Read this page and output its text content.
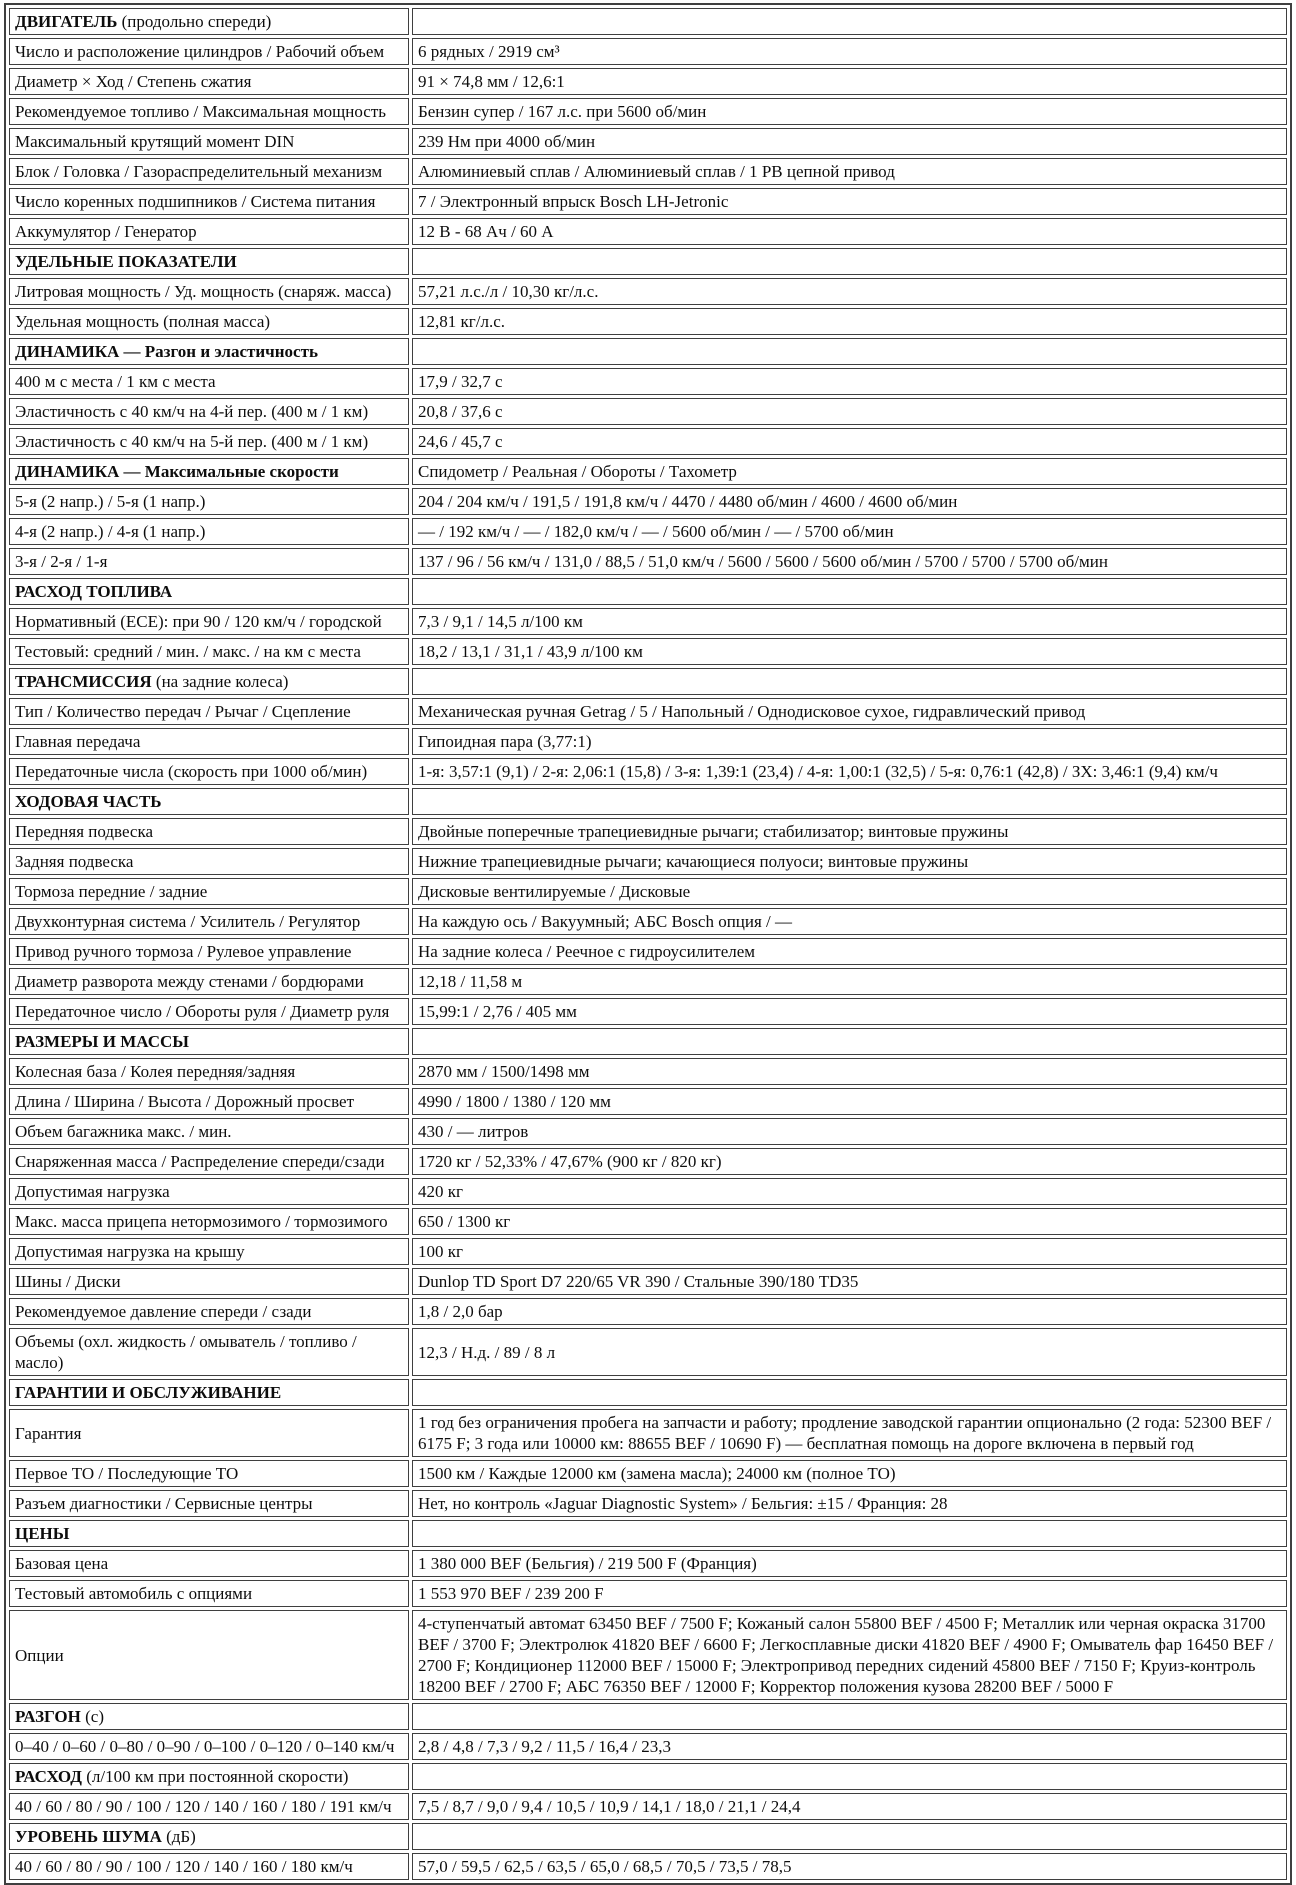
ДВИГАТЕЛЬ (продольно спереди)	
Число и расположение цилиндров / Рабочий объем	6 рядных / 2919 см³
Диаметр × Ход / Степень сжатия	91 × 74,8 мм / 12,6:1
Рекомендуемое топливо / Максимальная мощность	Бензин супер / 167 л.с. при 5600 об/мин
Максимальный крутящий момент DIN	239 Нм при 4000 об/мин
Блок / Головка / Газораспределительный механизм	Алюминиевый сплав / Алюминиевый сплав / 1 РВ цепной привод
Число коренных подшипников / Система питания	7 / Электронный впрыск Bosch LH-Jetronic
Аккумулятор / Генератор	12 В - 68 Ач / 60 А
УДЕЛЬНЫЕ ПОКАЗАТЕЛИ	
Литровая мощность / Уд. мощность (снаряж. масса)	57,21 л.с./л / 10,30 кг/л.с.
Удельная мощность (полная масса)	12,81 кг/л.с.
ДИНАМИКА — Разгон и эластичность	
400 м с места / 1 км с места	17,9 / 32,7 с
Эластичность с 40 км/ч на 4-й пер. (400 м / 1 км)	20,8 / 37,6 с
Эластичность с 40 км/ч на 5-й пер. (400 м / 1 км)	24,6 / 45,7 с
ДИНАМИКА — Максимальные скорости	Спидометр / Реальная / Обороты / Тахометр
5-я (2 напр.) / 5-я (1 напр.)	204 / 204 км/ч / 191,5 / 191,8 км/ч / 4470 / 4480 об/мин / 4600 / 4600 об/мин
4-я (2 напр.) / 4-я (1 напр.)	— / 192 км/ч / — / 182,0 км/ч / — / 5600 об/мин / — / 5700 об/мин
3-я / 2-я / 1-я	137 / 96 / 56 км/ч / 131,0 / 88,5 / 51,0 км/ч / 5600 / 5600 / 5600 об/мин / 5700 / 5700 / 5700 об/мин
РАСХОД ТОПЛИВА	
Нормативный (ECE): при 90 / 120 км/ч / городской	7,3 / 9,1 / 14,5 л/100 км
Тестовый: средний / мин. / макс. / на км с места	18,2 / 13,1 / 31,1 / 43,9 л/100 км
ТРАНСМИССИЯ (на задние колеса)	
Тип / Количество передач / Рычаг / Сцепление	Механическая ручная Getrag / 5 / Напольный / Однодисковое сухое, гидравлический привод
Главная передача	Гипоидная пара (3,77:1)
Передаточные числа (скорость при 1000 об/мин)	1-я: 3,57:1 (9,1) / 2-я: 2,06:1 (15,8) / 3-я: 1,39:1 (23,4) / 4-я: 1,00:1 (32,5) / 5-я: 0,76:1 (42,8) / ЗХ: 3,46:1 (9,4) км/ч
ХОДОВАЯ ЧАСТЬ	
Передняя подвеска	Двойные поперечные трапециевидные рычаги; стабилизатор; винтовые пружины
Задняя подвеска	Нижние трапециевидные рычаги; качающиеся полуоси; винтовые пружины
Тормоза передние / задние	Дисковые вентилируемые / Дисковые
Двухконтурная система / Усилитель / Регулятор	На каждую ось / Вакуумный; АБС Bosch опция / —
Привод ручного тормоза / Рулевое управление	На задние колеса / Реечное с гидроусилителем
Диаметр разворота между стенами / бордюрами	12,18 / 11,58 м
Передаточное число / Обороты руля / Диаметр руля	15,99:1 / 2,76 / 405 мм
РАЗМЕРЫ И МАССЫ	
Колесная база / Колея передняя/задняя	2870 мм / 1500/1498 мм
Длина / Ширина / Высота / Дорожный просвет	4990 / 1800 / 1380 / 120 мм
Объем багажника макс. / мин.	430 / — литров
Снаряженная масса / Распределение спереди/сзади	1720 кг / 52,33% / 47,67% (900 кг / 820 кг)
Допустимая нагрузка	420 кг
Макс. масса прицепа нетормозимого / тормозимого	650 / 1300 кг
Допустимая нагрузка на крышу	100 кг
Шины / Диски	Dunlop TD Sport D7 220/65 VR 390 / Стальные 390/180 TD35
Рекомендуемое давление спереди / сзади	1,8 / 2,0 бар
Объемы (охл. жидкость / омыватель / топливо / масло)	12,3 / Н.д. / 89 / 8 л
ГАРАНТИИ И ОБСЛУЖИВАНИЕ	
Гарантия	1 год без ограничения пробега на запчасти и работу; продление заводской гарантии опционально (2 года: 52300 BEF / 6175 F; 3 года или 10000 км: 88655 BEF / 10690 F) — бесплатная помощь на дороге включена в первый год
Первое ТО / Последующие ТО	1500 км / Каждые 12000 км (замена масла); 24000 км (полное ТО)
Разъем диагностики / Сервисные центры	Нет, но контроль «Jaguar Diagnostic System» / Бельгия: ±15 / Франция: 28
ЦЕНЫ	
Базовая цена	1 380 000 BEF (Бельгия) / 219 500 F (Франция)
Тестовый автомобиль с опциями	1 553 970 BEF / 239 200 F
Опции	4-ступенчатый автомат 63450 BEF / 7500 F; Кожаный салон 55800 BEF / 4500 F; Металлик или черная окраска 31700 BEF / 3700 F; Электролюк 41820 BEF / 6600 F; Легкосплавные диски 41820 BEF / 4900 F; Омыватель фар 16450 BEF / 2700 F; Кондиционер 112000 BEF / 15000 F; Электропривод передних сидений 45800 BEF / 7150 F; Круиз-контроль 18200 BEF / 2700 F; АБС 76350 BEF / 12000 F; Корректор положения кузова 28200 BEF / 5000 F
РАЗГОН (с)	
0–40 / 0–60 / 0–80 / 0–90 / 0–100 / 0–120 / 0–140 км/ч	2,8 / 4,8 / 7,3 / 9,2 / 11,5 / 16,4 / 23,3
РАСХОД (л/100 км при постоянной скорости)	
40 / 60 / 80 / 90 / 100 / 120 / 140 / 160 / 180 / 191 км/ч	7,5 / 8,7 / 9,0 / 9,4 / 10,5 / 10,9 / 14,1 / 18,0 / 21,1 / 24,4
УРОВЕНЬ ШУМА (дБ)	
40 / 60 / 80 / 90 / 100 / 120 / 140 / 160 / 180 км/ч	57,0 / 59,5 / 62,5 / 63,5 / 65,0 / 68,5 / 70,5 / 73,5 / 78,5
